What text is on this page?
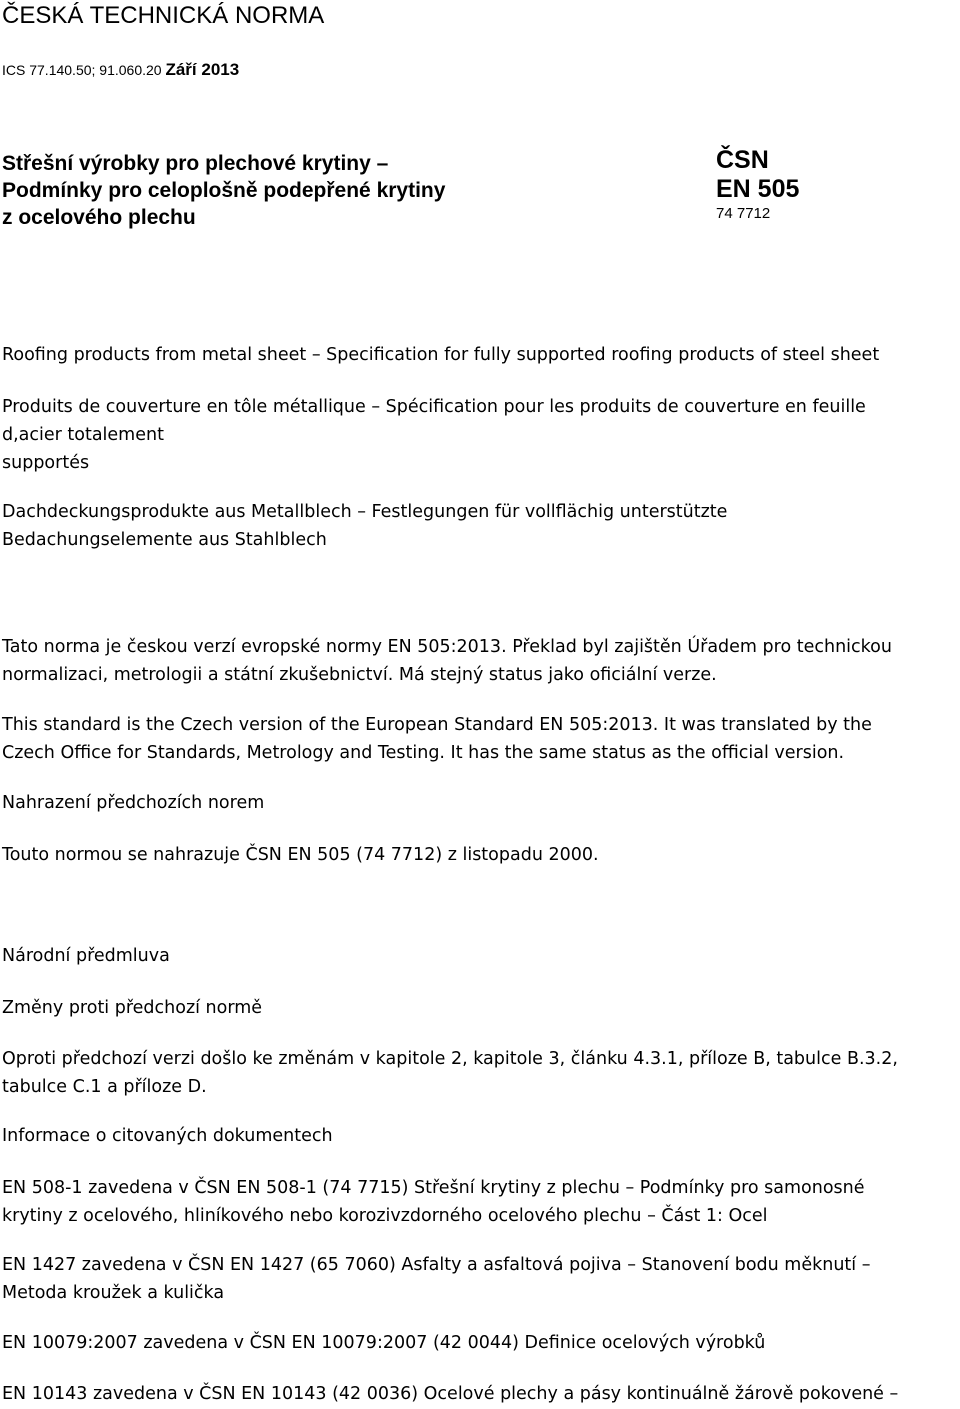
ČESKÁ TECHNICKÁ NORMA
ICS 77.140.50; 91.060.20 Září 2013
Střešní výrobky pro plechové krytiny –
Podmínky pro celoplošně podepřené krytiny
z ocelového plechu
ČSN
EN 505
74 7712
Roofing products from metal sheet – Specification for fully supported roofing products of steel sheet
Produits de couverture en tôle métallique – Spécification pour les produits de couverture en feuille
d,acier totalement
supportés
Dachdeckungsprodukte aus Metallblech – Festlegungen für vollflächig unterstützte
Bedachungselemente aus Stahlblech
Tato norma je českou verzí evropské normy EN 505:2013. Překlad byl zajištěn Úřadem pro technickou
normalizaci, metrologii a státní zkušebnictví. Má stejný status jako oficiální verze.
This standard is the Czech version of the European Standard EN 505:2013. It was translated by the
Czech Office for Standards, Metrology and Testing. It has the same status as the official version.
Nahrazení předchozích norem
Touto normou se nahrazuje ČSN EN 505 (74 7712) z listopadu 2000.
Národní předmluva
Změny proti předchozí normě
Oproti předchozí verzi došlo ke změnám v kapitole 2, kapitole 3, článku 4.3.1, příloze B, tabulce B.3.2,
tabulce C.1 a příloze D.
Informace o citovaných dokumentech
EN 508-1 zavedena v ČSN EN 508-1 (74 7715) Střešní krytiny z plechu – Podmínky pro samonosné
krytiny z ocelového, hliníkového nebo korozivzdorného ocelového plechu – Část 1: Ocel
EN 1427 zavedena v ČSN EN 1427 (65 7060) Asfalty a asfaltová pojiva – Stanovení bodu měknutí –
Metoda kroužek a kulička
EN 10079:2007 zavedena v ČSN EN 10079:2007 (42 0044) Definice ocelových výrobků
EN 10143 zavedena v ČSN EN 10143 (42 0036) Ocelové plechy a pásy kontinuálně žárově pokovené –
